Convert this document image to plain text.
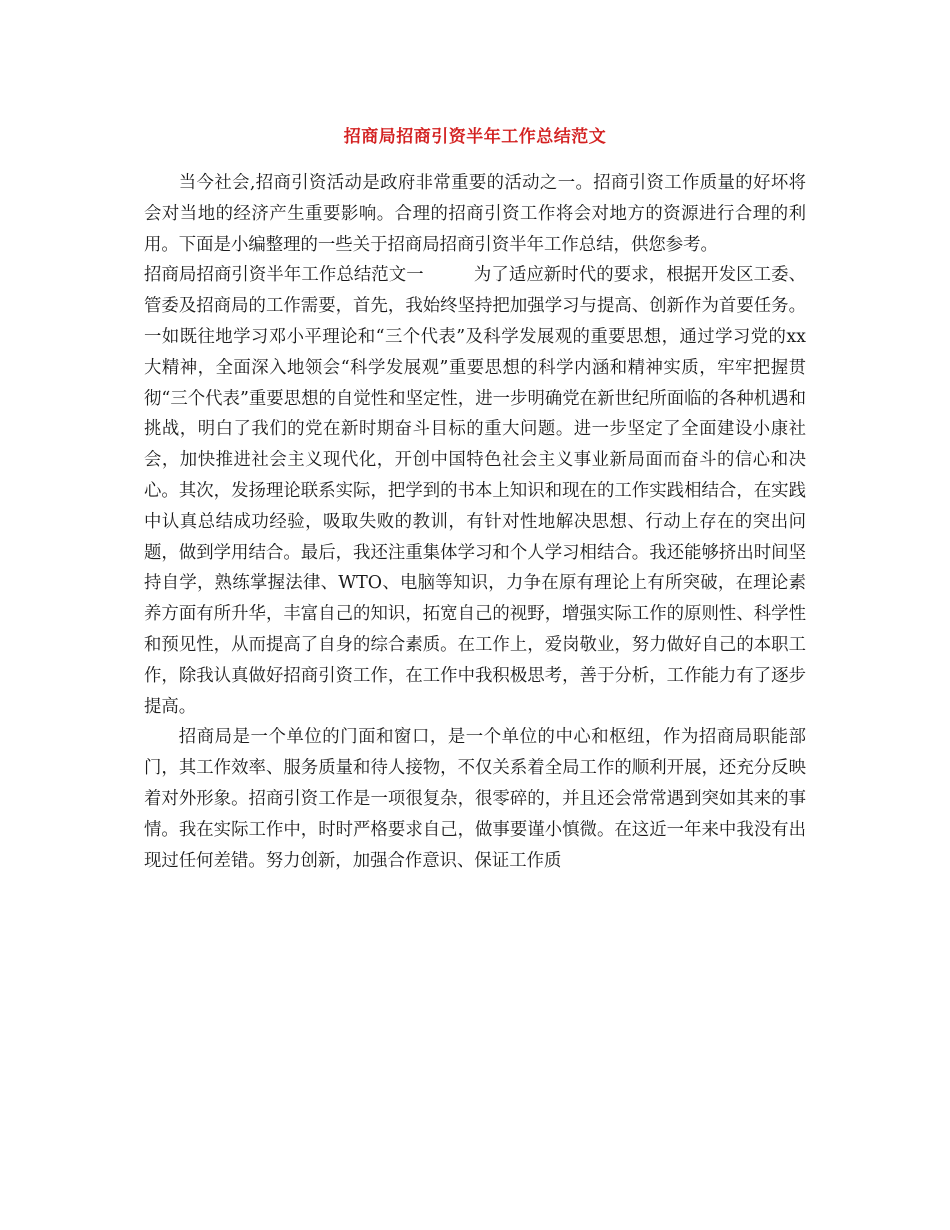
招商局招商引资半年工作总结范文

当今社会,招商引资活动是政府非常重要的活动之一。招商引资工作质量的好坏将会对当地的经济产生重要影响。合理的招商引资工作将会对地方的资源进行合理的利用。下面是小编整理的一些关于招商局招商引资半年工作总结，供您参考。

招商局招商引资半年工作总结范文一	为了适应新时代的要求，根据开发区工委、管委及招商局的工作需要，首先，我始终坚持把加强学习与提高、创新作为首要任务。一如既往地学习邓小平理论和“三个代表”及科学发展观的重要思想，通过学习党的xx大精神，全面深入地领会“科学发展观”重要思想的科学内涵和精神实质，牢牢把握贯彻“三个代表”重要思想的自觉性和坚定性，进一步明确党在新世纪所面临的各种机遇和挑战，明白了我们的党在新时期奋斗目标的重大问题。进一步坚定了全面建设小康社会，加快推进社会主义现代化，开创中国特色社会主义事业新局面而奋斗的信心和决心。其次，发扬理论联系实际，把学到的书本上知识和现在的工作实践相结合，在实践中认真总结成功经验，吸取失败的教训，有针对性地解决思想、行动上存在的突出问题，做到学用结合。最后，我还注重集体学习和个人学习相结合。我还能够挤出时间坚持自学，熟练掌握法律、WTO、电脑等知识，力争在原有理论上有所突破，在理论素养方面有所升华，丰富自己的知识，拓宽自己的视野，增强实际工作的原则性、科学性和预见性，从而提高了自身的综合素质。在工作上，爱岗敬业，努力做好自己的本职工作，除我认真做好招商引资工作，在工作中我积极思考，善于分析，工作能力有了逐步提高。

招商局是一个单位的门面和窗口，是一个单位的中心和枢纽，作为招商局职能部门，其工作效率、服务质量和待人接物，不仅关系着全局工作的顺利开展，还充分反映着对外形象。招商引资工作是一项很复杂，很零碎的，并且还会常常遇到突如其来的事情。我在实际工作中，时时严格要求自己，做事要谨小慎微。在这近一年来中我没有出现过任何差错。努力创新，加强合作意识、保证工作质
